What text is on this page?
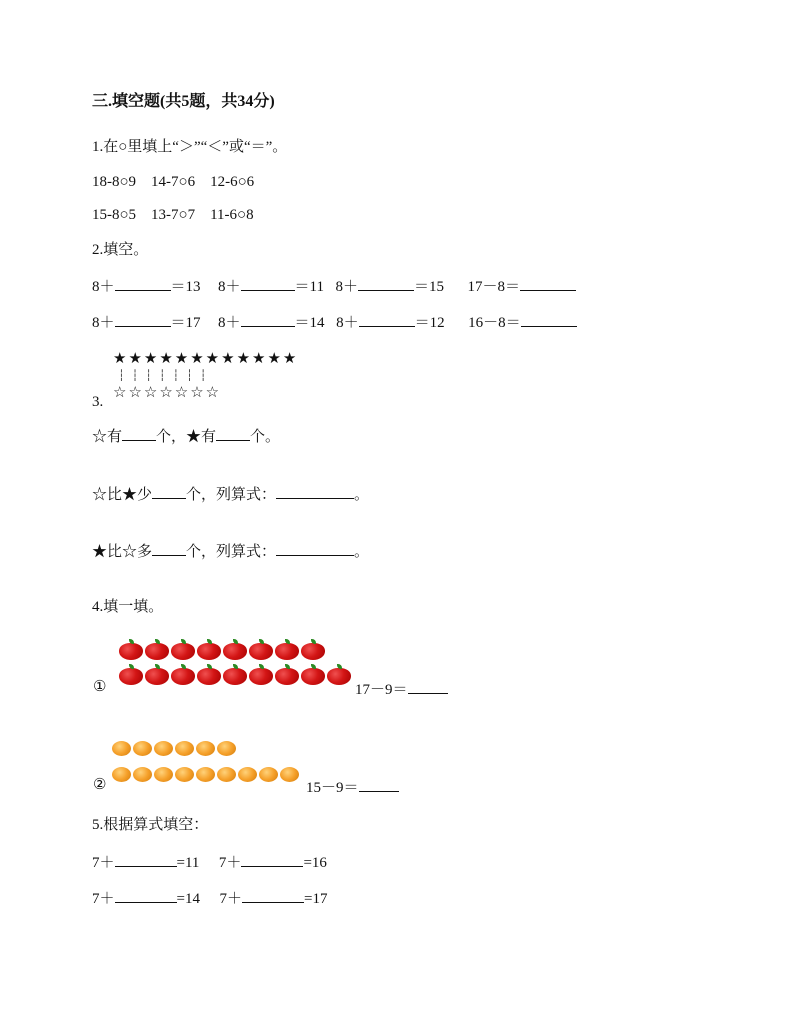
三.填空题(共5题，共34分)
1.在○里填上“＞”“＜”或“＝”。
18-8○9　14-7○6　12-6○6
15-8○5　13-7○7　11-6○8
2.填空。
8＋	＝13 8＋	＝11 8＋	＝15 17－8＝
8＋	＝17 8＋	＝14 8＋	＝12 16－8＝
★★★★★★★★★★★★
┆┆┆┆┆┆┆
3.
☆☆☆☆☆☆☆
☆有 个，★有 个。
☆比★少 个，列算式：	。
★比☆多 个，列算式：	。
4.填一填。
①	17－9＝
②	15－9＝
5.根据算式填空：
7＋	=11 7＋	=16
7＋	=14 7＋	=17
